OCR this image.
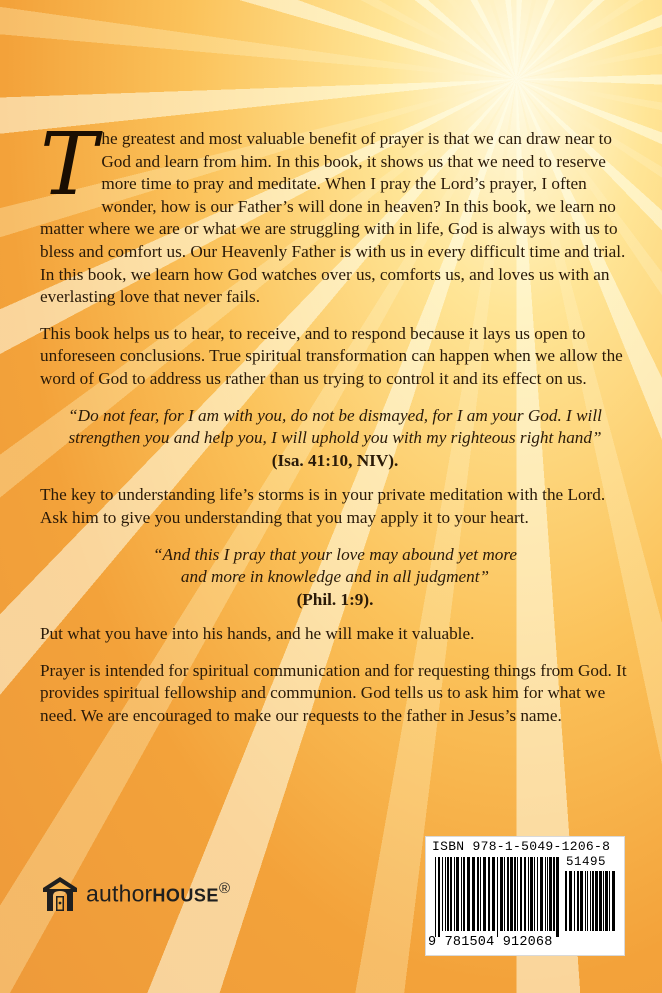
The greatest and most valuable benefit of prayer is that we can draw near to God and learn from him. In this book, it shows us that we need to reserve more time to pray and meditate. When I pray the Lord’s prayer, I often wonder, how is our Father’s will done in heaven? In this book, we learn no matter where we are or what we are struggling with in life, God is always with us to bless and comfort us. Our Heavenly Father is with us in every difficult time and trial. In this book, we learn how God watches over us, comforts us, and loves us with an everlasting love that never fails.

This book helps us to hear, to receive, and to respond because it lays us open to unforeseen conclusions. True spiritual transformation can happen when we allow the word of God to address us rather than us trying to control it and its effect on us.

“Do not fear, for I am with you, do not be dismayed, for I am your God. I will strengthen you and help you, I will uphold you with my righteous right hand”
(Isa. 41:10, NIV).

The key to understanding life’s storms is in your private meditation with the Lord. Ask him to give you understanding that you may apply it to your heart.

“And this I pray that your love may abound yet more
and more in knowledge and in all judgment”
(Phil. 1:9).

Put what you have into his hands, and he will make it valuable.

Prayer is intended for spiritual communication and for requesting things from God. It provides spiritual fellowship and communion. God tells us to ask him for what we need. We are encouraged to make our requests to the father in Jesus’s name.

authorHOUSE®
ISBN 978-1-5049-1206-8
51495
9 781504 912068
